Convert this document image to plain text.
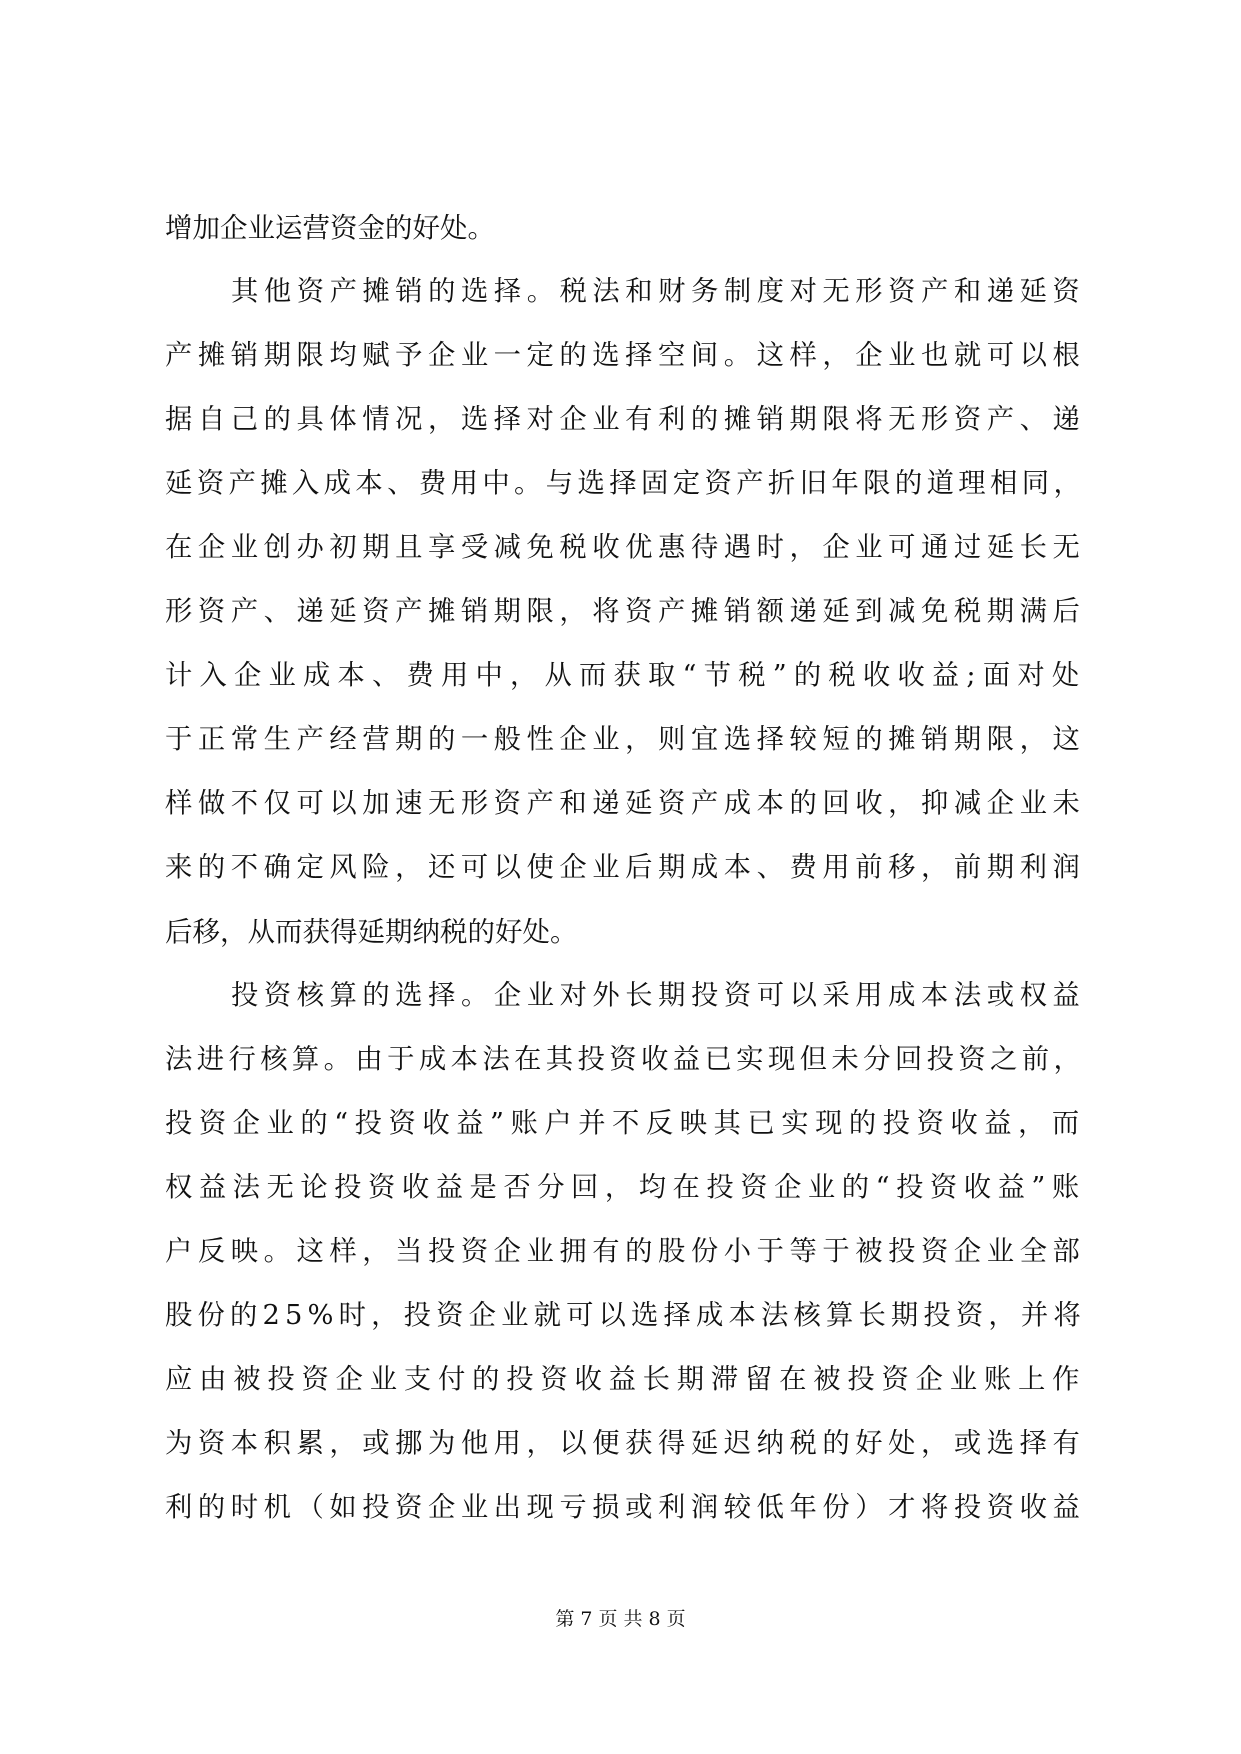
增加企业运营资金的好处。
其他资产摊销的选择。税法和财务制度对无形资产和递延资
产摊销期限均赋予企业一定的选择空间。这样，企业也就可以根
据自己的具体情况，选择对企业有利的摊销期限将无形资产、递
延资产摊入成本、费用中。与选择固定资产折旧年限的道理相同，
在企业创办初期且享受减免税收优惠待遇时，企业可通过延长无
形资产、递延资产摊销期限，将资产摊销额递延到减免税期满后
计入企业成本、费用中，从而获取“节税”的税收收益;面对处
于正常生产经营期的一般性企业，则宜选择较短的摊销期限，这
样做不仅可以加速无形资产和递延资产成本的回收，抑减企业未
来的不确定风险，还可以使企业后期成本、费用前移，前期利润
后移，从而获得延期纳税的好处。
投资核算的选择。企业对外长期投资可以采用成本法或权益
法进行核算。由于成本法在其投资收益已实现但未分回投资之前，
投资企业的“投资收益”账户并不反映其已实现的投资收益，而
权益法无论投资收益是否分回，均在投资企业的“投资收益”账
户反映。这样，当投资企业拥有的股份小于等于被投资企业全部
股份的25%时，投资企业就可以选择成本法核算长期投资，并将
应由被投资企业支付的投资收益长期滞留在被投资企业账上作
为资本积累，或挪为他用，以便获得延迟纳税的好处，或选择有
利的时机（如投资企业出现亏损或利润较低年份）才将投资收益
第 7 页 共 8 页
